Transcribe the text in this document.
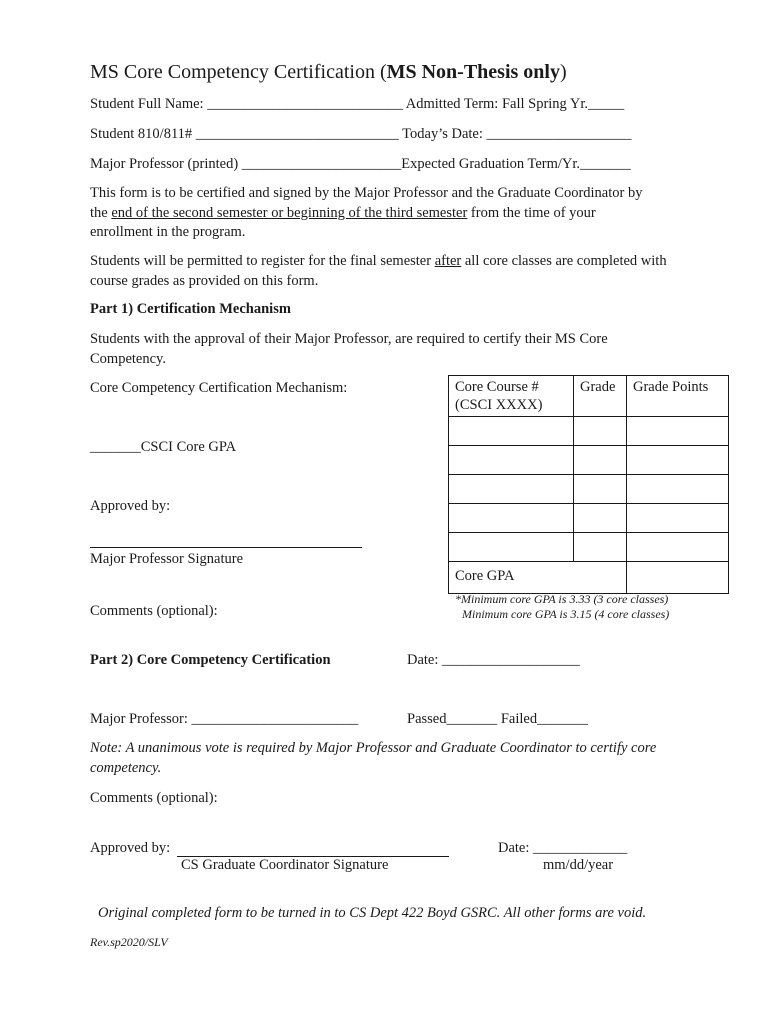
MS Core Competency Certification (MS Non-Thesis only)
Student Full Name: ___________________________ Admitted Term: Fall Spring Yr._____
Student 810/811# ____________________________ Today’s Date: ____________________
Major Professor (printed) ______________________Expected Graduation Term/Yr._______
This form is to be certified and signed by the Major Professor and the Graduate Coordinator by the end of the second semester or beginning of the third semester from the time of your enrollment in the program.
Students will be permitted to register for the final semester after all core classes are completed with course grades as provided on this form.
Part 1) Certification Mechanism
Students with the approval of their Major Professor, are required to certify their MS Core Competency.
Core Competency Certification Mechanism:
_______CSCI Core GPA
Approved by:
Major Professor Signature
Comments (optional):
Core Course #
(CSCI XXXX)	Grade	Grade Points

Core GPA		
*Minimum core GPA is 3.33 (3 core classes)
Minimum core GPA is 3.15 (4 core classes)
Part 2) Core Competency Certification	Date: ___________________
Major Professor: _______________________	Passed_______ Failed_______
Note: A unanimous vote is required by Major Professor and Graduate Coordinator to certify core competency.
Comments (optional):
Approved by:
CS Graduate Coordinator Signature
Date: _____________
mm/dd/year
Original completed form to be turned in to CS Dept 422 Boyd GSRC. All other forms are void.
Rev.sp2020/SLV
